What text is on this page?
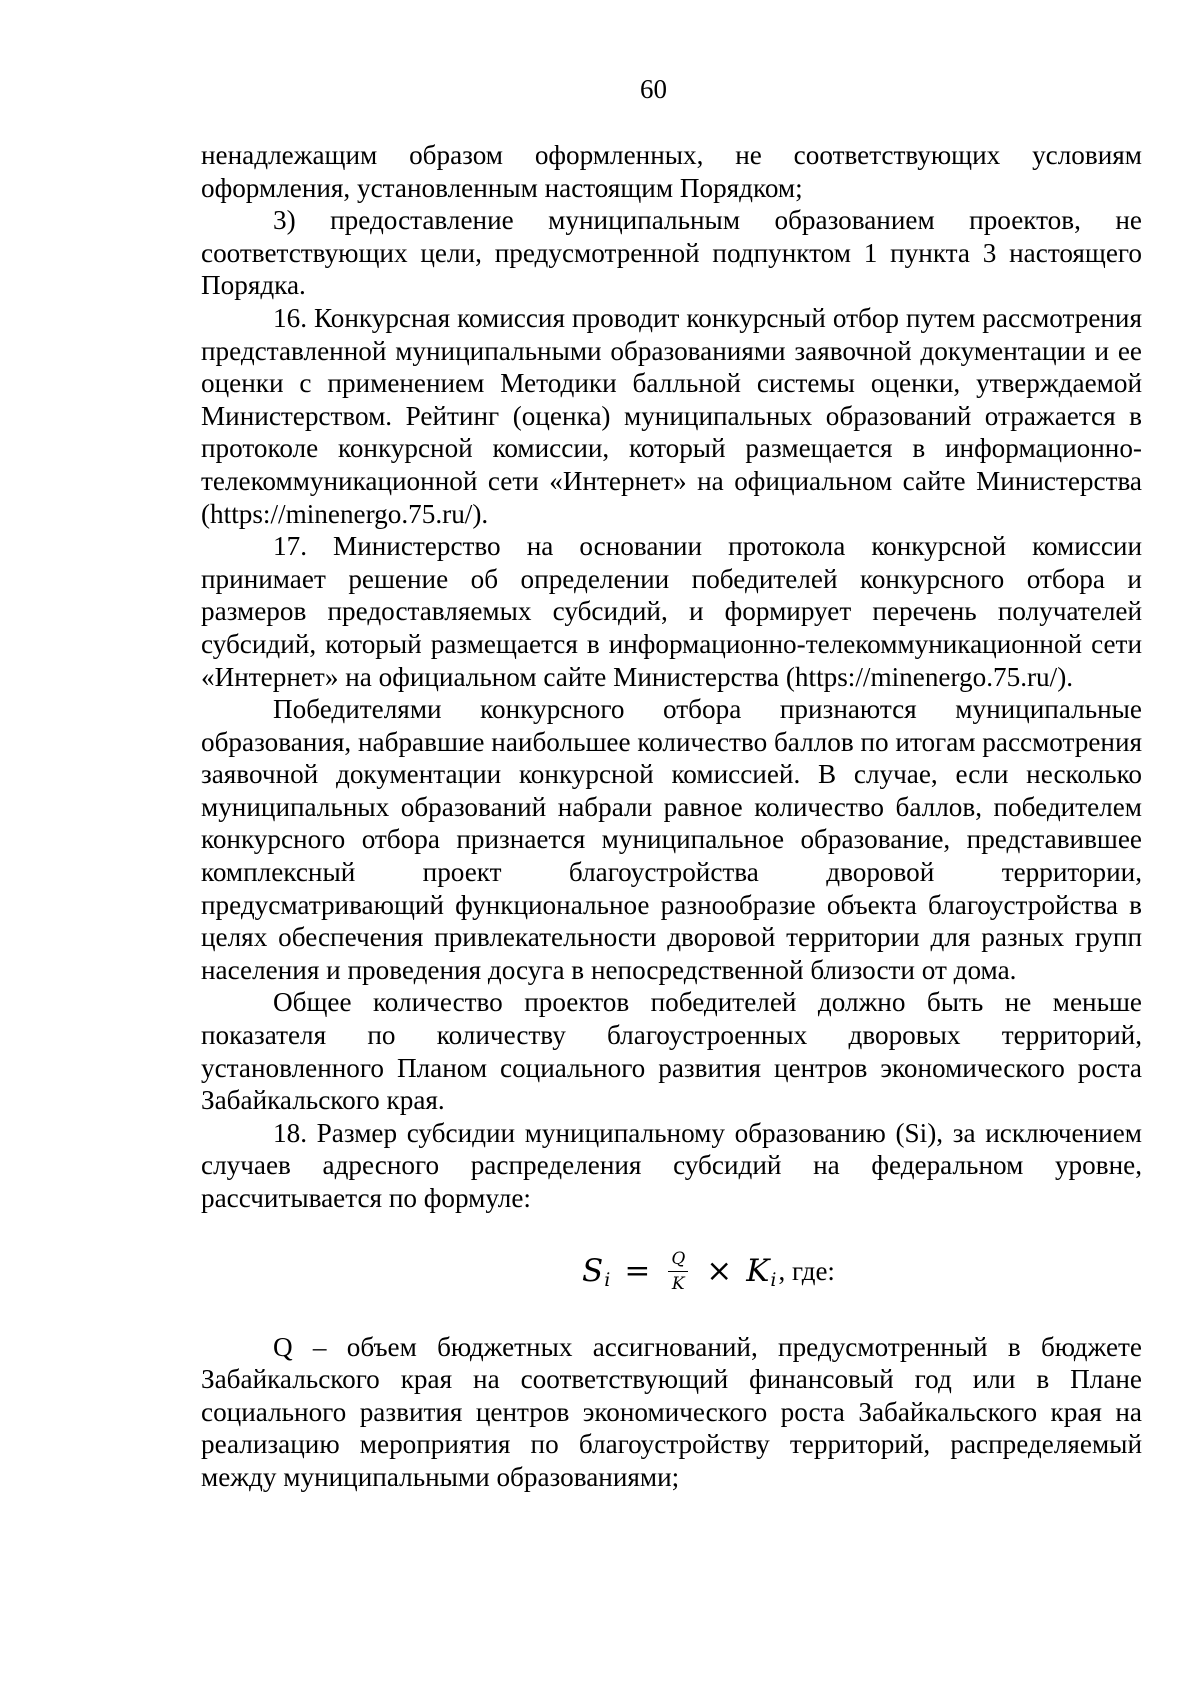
60

ненадлежащим образом оформленных, не соответствующих условиям оформления, установленным настоящим Порядком;

3) предоставление муниципальным образованием проектов, не соответствующих цели, предусмотренной подпунктом 1 пункта 3 настоящего Порядка.

16. Конкурсная комиссия проводит конкурсный отбор путем рассмотрения представленной муниципальными образованиями заявочной документации и ее оценки с применением Методики балльной системы оценки, утверждаемой Министерством. Рейтинг (оценка) муниципальных образований отражается в протоколе конкурсной комиссии, который размещается в информационно-телекоммуникационной сети «Интернет» на официальном сайте Министерства (https://minenergo.75.ru/).

17. Министерство на основании протокола конкурсной комиссии принимает решение об определении победителей конкурсного отбора и размеров предоставляемых субсидий, и формирует перечень получателей субсидий, который размещается в информационно-телекоммуникационной сети «Интернет» на официальном сайте Министерства (https://minenergo.75.ru/).

Победителями конкурсного отбора признаются муниципальные образования, набравшие наибольшее количество баллов по итогам рассмотрения заявочной документации конкурсной комиссией. В случае, если несколько муниципальных образований набрали равное количество баллов, победителем конкурсного отбора признается муниципальное образование, представившее комплексный проект благоустройства дворовой территории, предусматривающий функциональное разнообразие объекта благоустройства в целях обеспечения привлекательности дворовой территории для разных групп населения и проведения досуга в непосредственной близости от дома.

Общее количество проектов победителей должно быть не меньше показателя по количеству благоустроенных дворовых территорий, установленного Планом социального развития центров экономического роста Забайкальского края.

18. Размер субсидии муниципальному образованию (Si), за исключением случаев адресного распределения субсидий на федеральном уровне, рассчитывается по формуле:

S $i = \frac{Q}{K} \times K$ i , где:

Q – объем бюджетных ассигнований, предусмотренный в бюджете Забайкальского края на соответствующий финансовый год или в Плане социального развития центров экономического роста Забайкальского края на реализацию мероприятия по благоустройству территорий, распределяемый между муниципальными образованиями;
